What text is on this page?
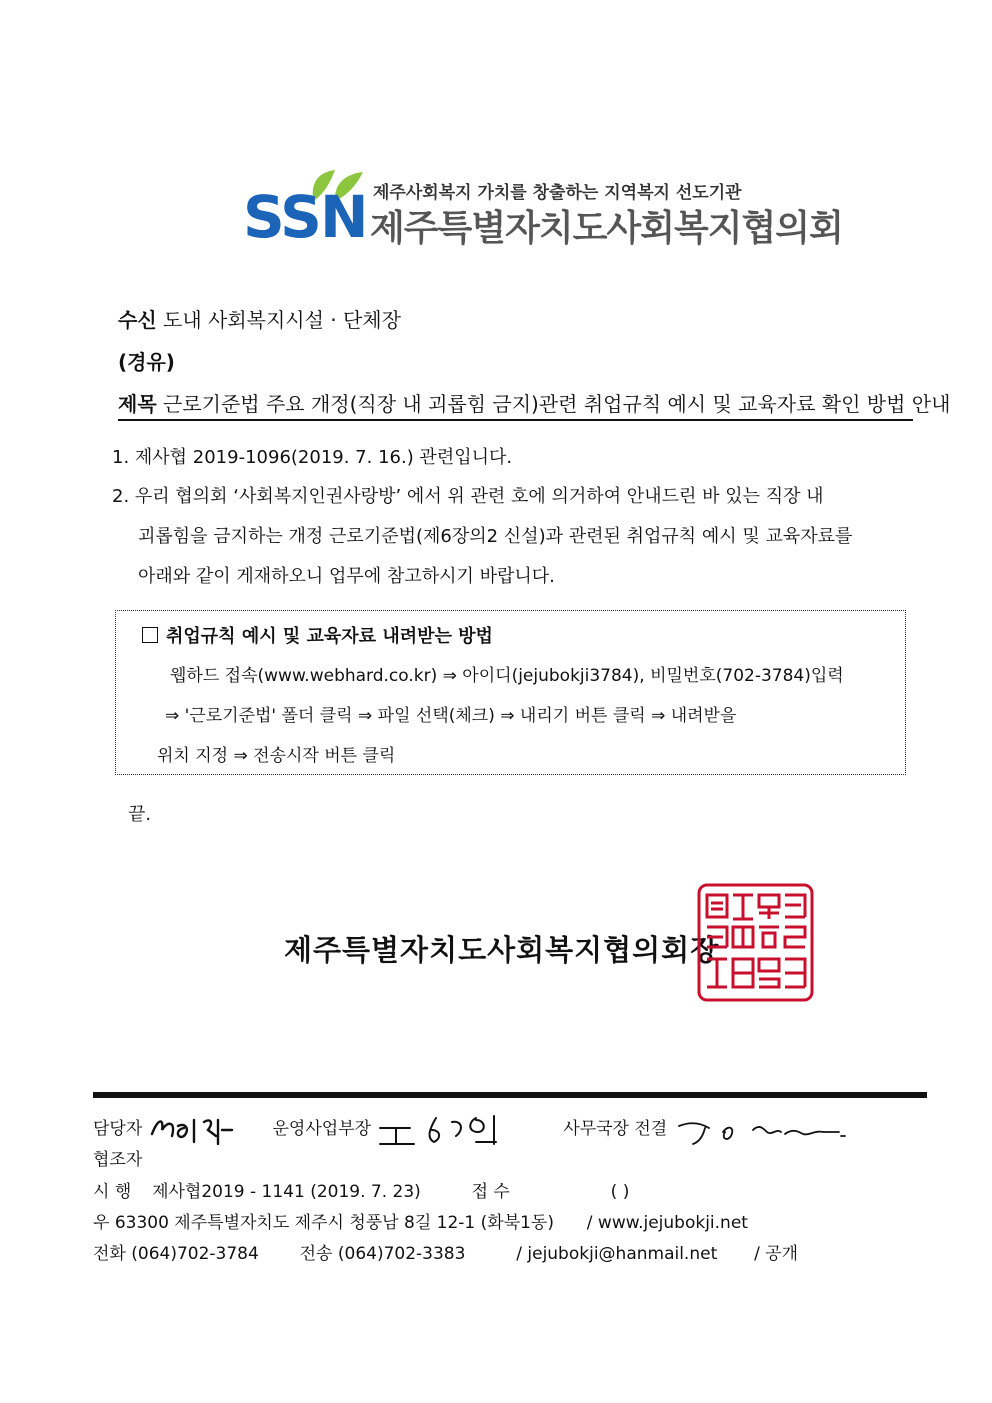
SSN 제주사회복지 가치를 창출하는 지역복지 선도기관
제주특별자치도사회복지협의회
수신 도내 사회복지시설 · 단체장
(경유)
제목 근로기준법 주요 개정(직장 내 괴롭힘 금지)관련 취업규칙 예시 및 교육자료 확인 방법 안내
1. 제사협 2019-1096(2019. 7. 16.) 관련입니다.
2. 우리 협의회 ‘사회복지인권사랑방’ 에서 위 관련 호에 의거하여 안내드린 바 있는 직장 내
괴롭힘을 금지하는 개정 근로기준법(제6장의2 신설)과 관련된 취업규칙 예시 및 교육자료를
아래와 같이 게재하오니 업무에 참고하시기 바랍니다.
취업규칙 예시 및 교육자료 내려받는 방법
웹하드 접속(www.webhard.co.kr) ⇒ 아이디(jejubokji3784), 비밀번호(702-3784)입력
⇒ '근로기준법' 폴더 클릭 ⇒ 파일 선택(체크) ⇒ 내리기 버튼 클릭 ⇒ 내려받을
위치 지정 ⇒ 전송시작 버튼 클릭
끝.
제주특별자치도사회복지협의회장
담당자	운영사업부장	사무국장 전결
협조자
시 행 제사협2019 - 1141 (2019. 7. 23)	접 수	( )
우 63300 제주특별자치도 제주시 청풍남 8길 12-1 (화북1동) / www.jejubokji.net
전화 (064)702-3784 전송 (064)702-3383	/ jejubokji@hanmail.net / 공개
